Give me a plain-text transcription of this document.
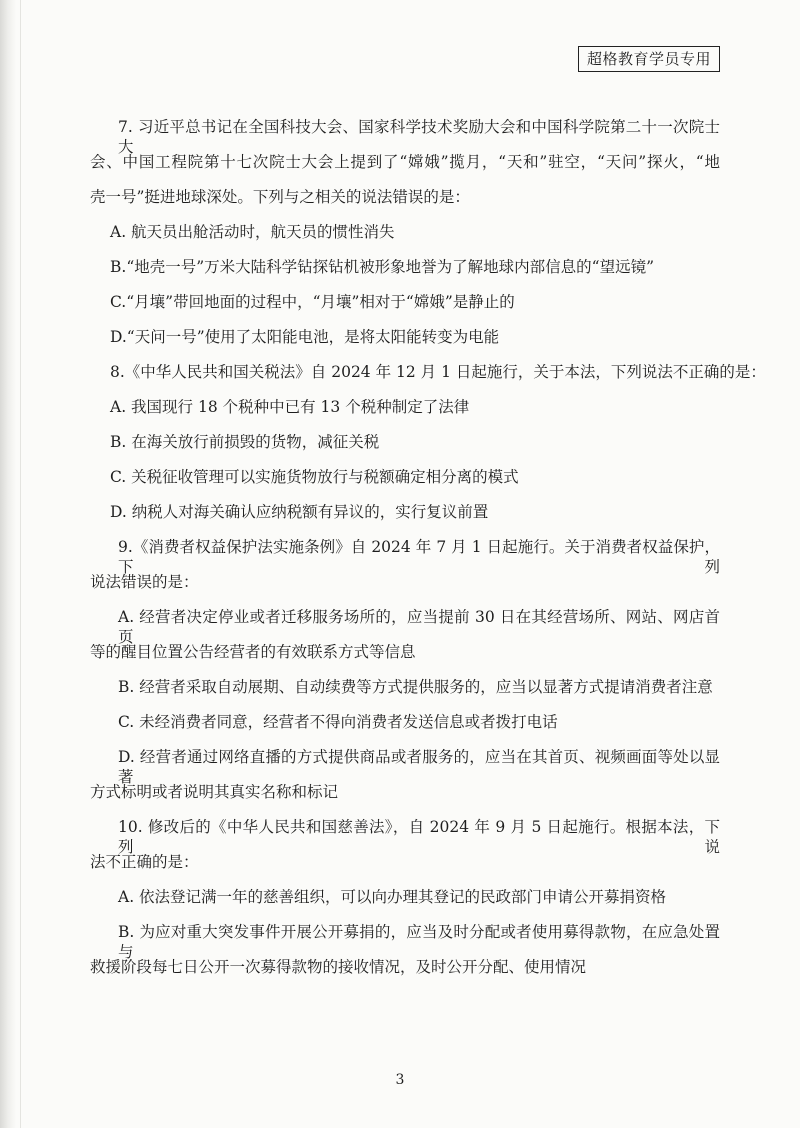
超格教育学员专用
7. 习近平总书记在全国科技大会、国家科学技术奖励大会和中国科学院第二十一次院士大
会、中国工程院第十七次院士大会上提到了“嫦娥”揽月，“天和”驻空，“天问”探火，“地
壳一号”挺进地球深处。下列与之相关的说法错误的是：
A. 航天员出舱活动时，航天员的惯性消失
B.“地壳一号”万米大陆科学钻探钻机被形象地誉为了解地球内部信息的“望远镜”
C.“月壤”带回地面的过程中，“月壤”相对于“嫦娥”是静止的
D.“天问一号”使用了太阳能电池，是将太阳能转变为电能
8.《中华人民共和国关税法》自 2024 年 12 月 1 日起施行，关于本法，下列说法不正确的是：
A. 我国现行 18 个税种中已有 13 个税种制定了法律
B. 在海关放行前损毁的货物，减征关税
C. 关税征收管理可以实施货物放行与税额确定相分离的模式
D. 纳税人对海关确认应纳税额有异议的，实行复议前置
9.《消费者权益保护法实施条例》自 2024 年 7 月 1 日起施行。关于消费者权益保护，下列
说法错误的是：
A. 经营者决定停业或者迁移服务场所的，应当提前 30 日在其经营场所、网站、网店首页
等的醒目位置公告经营者的有效联系方式等信息
B. 经营者采取自动展期、自动续费等方式提供服务的，应当以显著方式提请消费者注意
C. 未经消费者同意，经营者不得向消费者发送信息或者拨打电话
D. 经营者通过网络直播的方式提供商品或者服务的，应当在其首页、视频画面等处以显著
方式标明或者说明其真实名称和标记
10. 修改后的《中华人民共和国慈善法》，自 2024 年 9 月 5 日起施行。根据本法，下列说
法不正确的是：
A. 依法登记满一年的慈善组织，可以向办理其登记的民政部门申请公开募捐资格
B. 为应对重大突发事件开展公开募捐的，应当及时分配或者使用募得款物，在应急处置与
救援阶段每七日公开一次募得款物的接收情况，及时公开分配、使用情况
3
